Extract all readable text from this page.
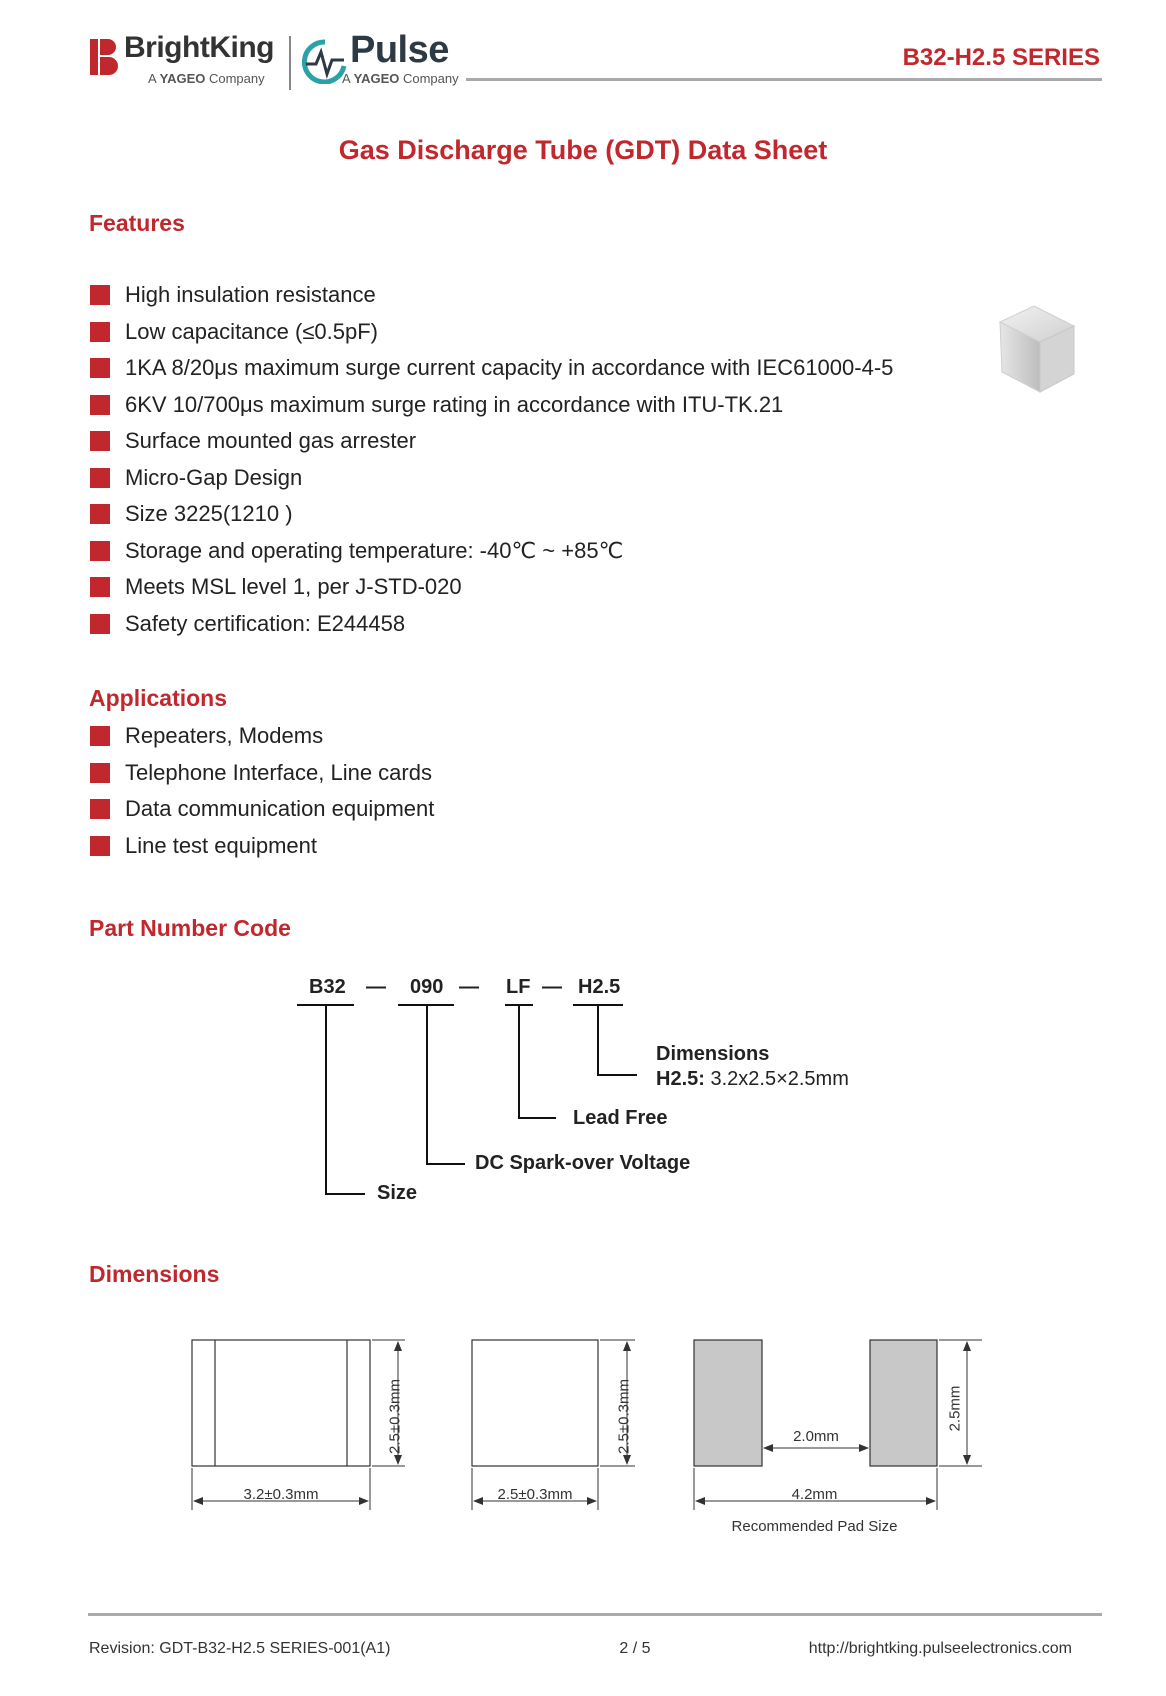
BrightKing
A YAGEO Company
Pulse
A YAGEO Company
B32-H2.5 SERIES
Gas Discharge Tube (GDT) Data Sheet
Features
High insulation resistance
Low capacitance (≤0.5pF)
1KA 8/20μs maximum surge current capacity in accordance with IEC61000-4-5
6KV 10/700μs maximum surge rating in accordance with ITU-TK.21
Surface mounted gas arrester
Micro-Gap Design
Size 3225(1210 )
Storage and operating temperature: -40℃ ~ +85℃
Meets MSL level 1, per J-STD-020
Safety certification: E244458
Applications
Repeaters, Modems
Telephone Interface, Line cards
Data communication equipment
Line test equipment
Part Number Code
B32 — 090 — LF — H2.5
Dimensions
H2.5: 3.2x2.5×2.5mm
Lead Free
DC Spark-over Voltage
Size
Dimensions
2.5±0.3mm
3.2±0.3mm
2.5±0.3mm
2.5±0.3mm
2.0mm
2.5mm
4.2mm
Recommended Pad Size
Revision: GDT-B32-H2.5 SERIES-001(A1)	2 / 5	http://brightking.pulseelectronics.com
